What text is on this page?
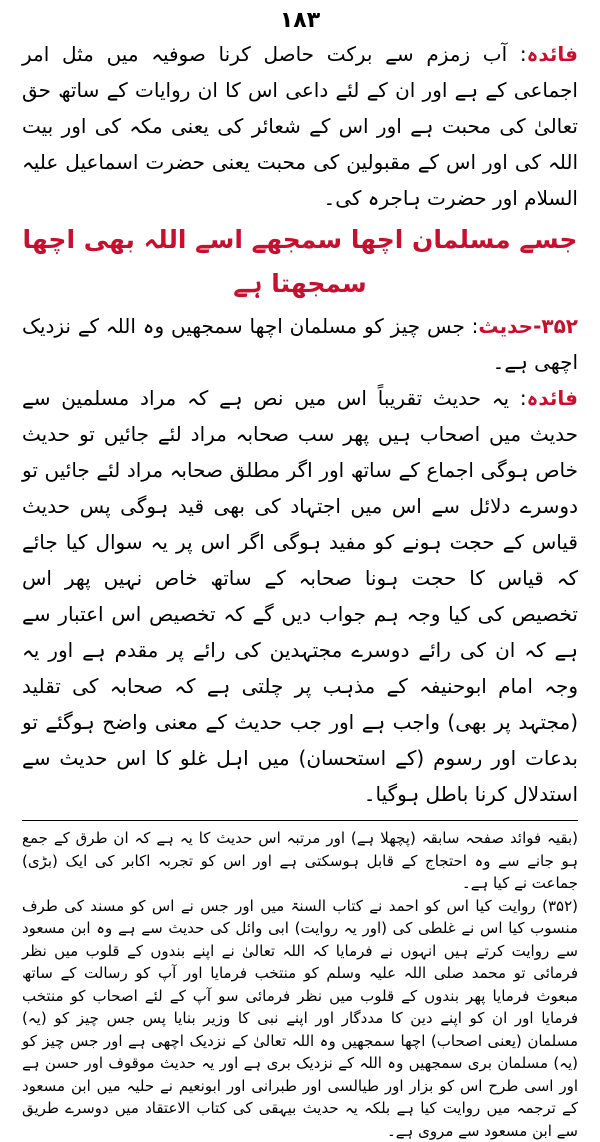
۱۸۳

فائدہ: آب زمزم سے برکت حاصل کرنا صوفیہ میں مثل امر اجماعی کے ہے اور ان کے لئے داعی اس کا ان روایات کے ساتھ حق تعالیٰ کی محبت ہے اور اس کے شعائر کی یعنی مکہ کی اور بیت اللہ کی اور اس کے مقبولین کی محبت یعنی حضرت اسماعیل علیہ السلام اور حضرت ہاجرہ کی۔

جسے مسلمان اچھا سمجھے اسے اللہ بھی اچھا سمجھتا ہے

۳۵۲-حدیث: جس چیز کو مسلمان اچھا سمجھیں وہ اللہ کے نزدیک اچھی ہے۔

فائدہ: یہ حدیث تقریباً اس میں نص ہے کہ مراد مسلمین سے حدیث میں اصحاب ہیں پھر سب صحابہ مراد لئے جائیں تو حدیث خاص ہوگی اجماع کے ساتھ اور اگر مطلق صحابہ مراد لئے جائیں تو دوسرے دلائل سے اس میں اجتہاد کی بھی قید ہوگی پس حدیث قیاس کے حجت ہونے کو مفید ہوگی اگر اس پر یہ سوال کیا جائے کہ قیاس کا حجت ہونا صحابہ کے ساتھ خاص نہیں پھر اس تخصیص کی کیا وجہ ہم جواب دیں گے کہ تخصیص اس اعتبار سے ہے کہ ان کی رائے دوسرے مجتہدین کی رائے پر مقدم ہے اور یہ وجہ امام ابوحنیفہ کے مذہب پر چلتی ہے کہ صحابہ کی تقلید (مجتہد پر بھی) واجب ہے اور جب حدیث کے معنی واضح ہوگئے تو بدعات اور رسوم (کے استحسان) میں اہل غلو کا اس حدیث سے استدلال کرنا باطل ہوگیا۔

(بقیہ فوائد صفحہ سابقہ (پچھلا ہے) اور مرتبہ اس حدیث کا یہ ہے کہ ان طرق کے جمع ہو جانے سے وہ احتجاج کے قابل ہوسکتی ہے اور اس کو تجربہ اکابر کی ایک (بڑی) جماعت نے کیا ہے۔

(۳۵۲) روایت کیا اس کو احمد نے کتاب السنۃ میں اور جس نے اس کو مسند کی طرف منسوب کیا اس نے غلطی کی (اور یہ روایت) ابی وائل کی حدیث سے ہے وہ ابن مسعود سے روایت کرتے ہیں انہوں نے فرمایا کہ اللہ تعالیٰ نے اپنے بندوں کے قلوب میں نظر فرمائی تو محمد صلی اللہ علیہ وسلم کو منتخب فرمایا اور آپ کو رسالت کے ساتھ مبعوث فرمایا پھر بندوں کے قلوب میں نظر فرمائی سو آپ کے لئے اصحاب کو منتخب فرمایا اور ان کو اپنے دین کا مددگار اور اپنے نبی کا وزیر بنایا پس جس چیز کو (یہ) مسلمان (یعنی اصحاب) اچھا سمجھیں وہ اللہ تعالیٰ کے نزدیک اچھی ہے اور جس چیز کو (یہ) مسلمان بری سمجھیں وہ اللہ کے نزدیک بری ہے اور یہ حدیث موقوف اور حسن ہے اور اسی طرح اس کو بزار اور طیالسی اور طبرانی اور ابونعیم نے حلیہ میں ابن مسعود کے ترجمہ میں روایت کیا ہے بلکہ یہ حدیث بیہقی کی کتاب الاعتقاد میں دوسرے طریق سے ابن مسعود سے مروی ہے۔
